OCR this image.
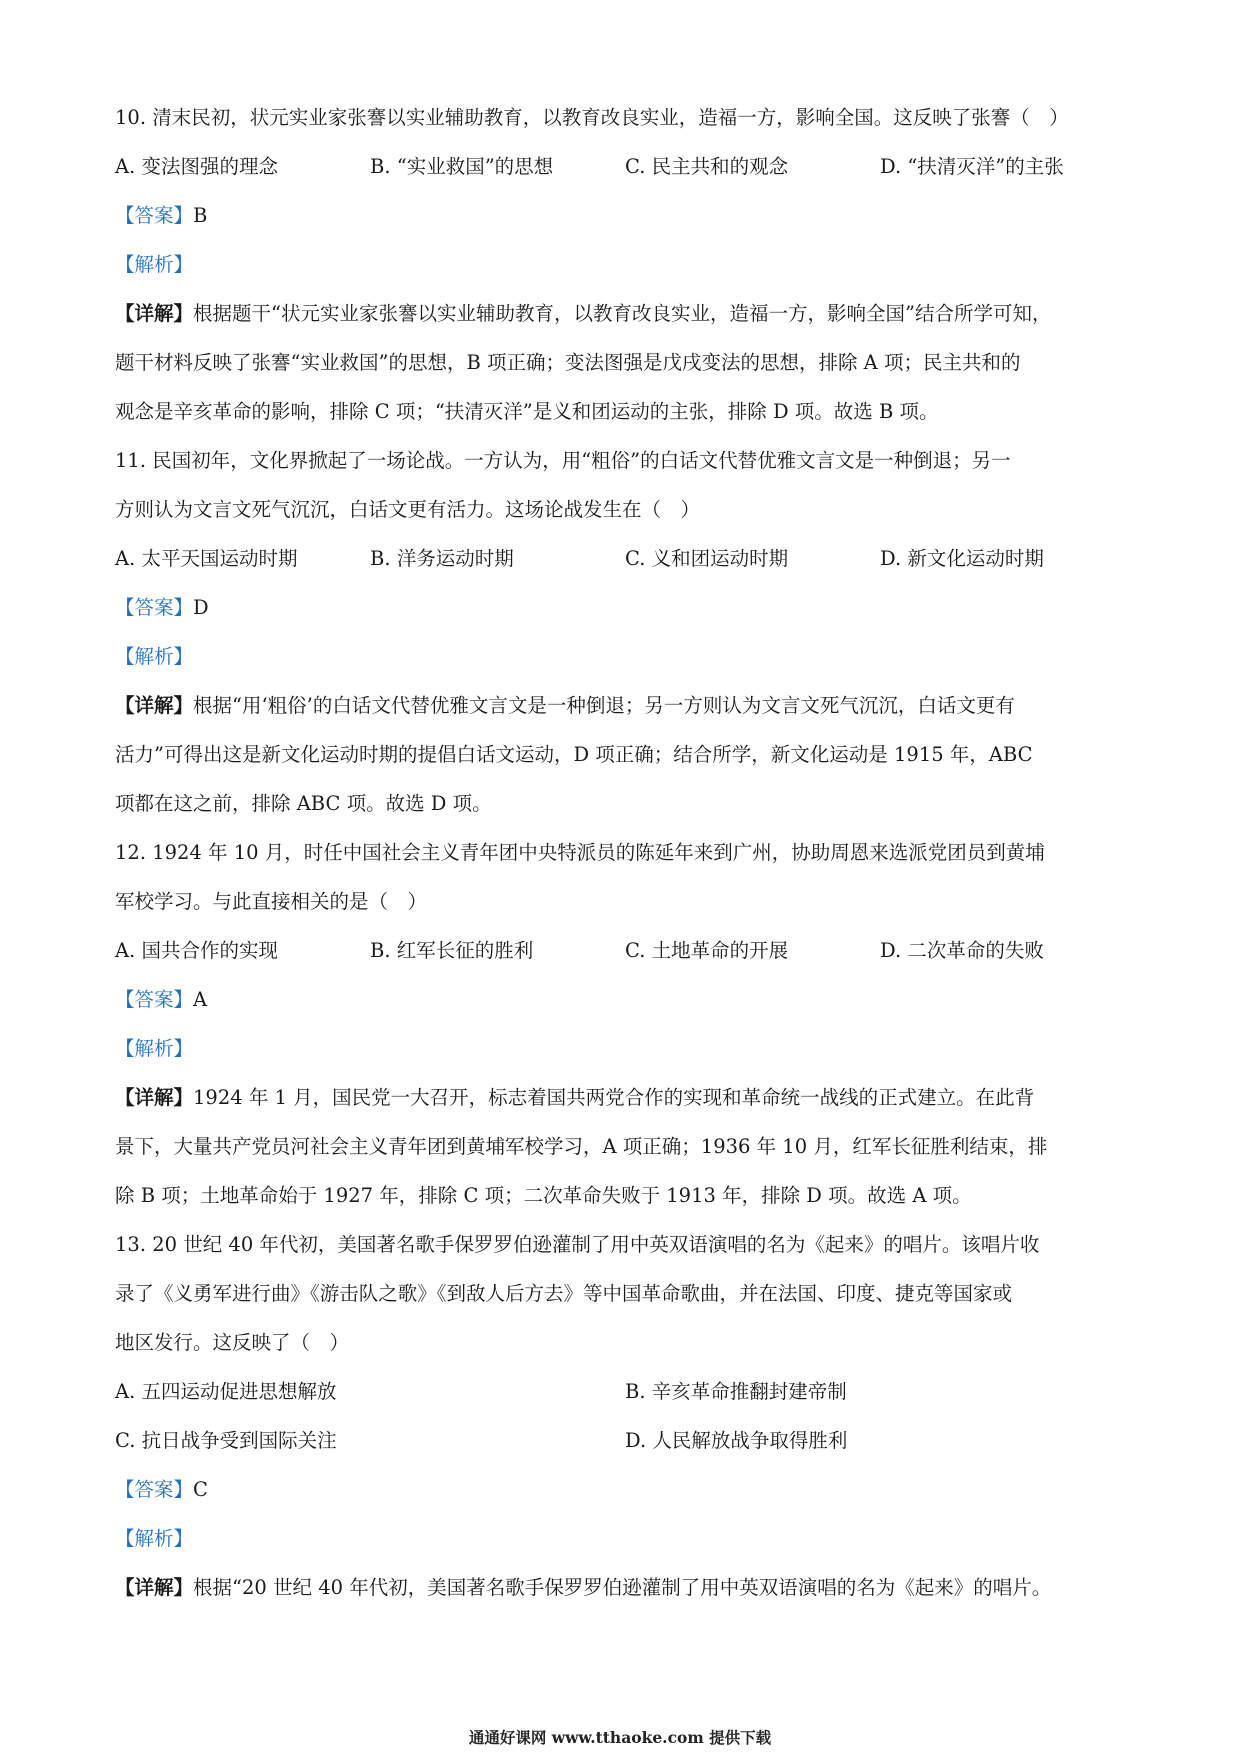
10. 清末民初，状元实业家张謇以实业辅助教育，以教育改良实业，造福一方，影响全国。这反映了张謇（　）
A. 变法图强的理念	B. “实业救国”的思想	C. 民主共和的观念	D. “扶清灭洋”的主张
【答案】B
【解析】
【详解】根据题干“状元实业家张謇以实业辅助教育，以教育改良实业，造福一方，影响全国”结合所学可知，
题干材料反映了张謇“实业救国”的思想，B 项正确；变法图强是戊戌变法的思想，排除 A 项；民主共和的
观念是辛亥革命的影响，排除 C 项；“扶清灭洋”是义和团运动的主张，排除 D 项。故选 B 项。
11. 民国初年，文化界掀起了一场论战。一方认为，用“粗俗”的白话文代替优雅文言文是一种倒退；另一
方则认为文言文死气沉沉，白话文更有活力。这场论战发生在（　）
A. 太平天国运动时期	B. 洋务运动时期	C. 义和团运动时期	D. 新文化运动时期
【答案】D
【解析】
【详解】根据“用‘粗俗’的白话文代替优雅文言文是一种倒退；另一方则认为文言文死气沉沉，白话文更有
活力”可得出这是新文化运动时期的提倡白话文运动，D 项正确；结合所学，新文化运动是 1915 年，ABC
项都在这之前，排除 ABC 项。故选 D 项。
12. 1924 年 10 月，时任中国社会主义青年团中央特派员的陈延年来到广州，协助周恩来选派党团员到黄埔
军校学习。与此直接相关的是（　）
A. 国共合作的实现	B. 红军长征的胜利	C. 土地革命的开展	D. 二次革命的失败
【答案】A
【解析】
【详解】1924 年 1 月，国民党一大召开，标志着国共两党合作的实现和革命统一战线的正式建立。在此背
景下，大量共产党员河社会主义青年团到黄埔军校学习，A 项正确；1936 年 10 月，红军长征胜利结束，排
除 B 项；土地革命始于 1927 年，排除 C 项；二次革命失败于 1913 年，排除 D 项。故选 A 项。
13. 20 世纪 40 年代初，美国著名歌手保罗罗伯逊灌制了用中英双语演唱的名为《起来》的唱片。该唱片收
录了《义勇军进行曲》《游击队之歌》《到敌人后方去》等中国革命歌曲，并在法国、印度、捷克等国家或
地区发行。这反映了（　）
A. 五四运动促进思想解放	B. 辛亥革命推翻封建帝制
C. 抗日战争受到国际关注	D. 人民解放战争取得胜利
【答案】C
【解析】
【详解】根据“20 世纪 40 年代初，美国著名歌手保罗罗伯逊灌制了用中英双语演唱的名为《起来》的唱片。
通通好课网 www.tthaoke.com 提供下载
